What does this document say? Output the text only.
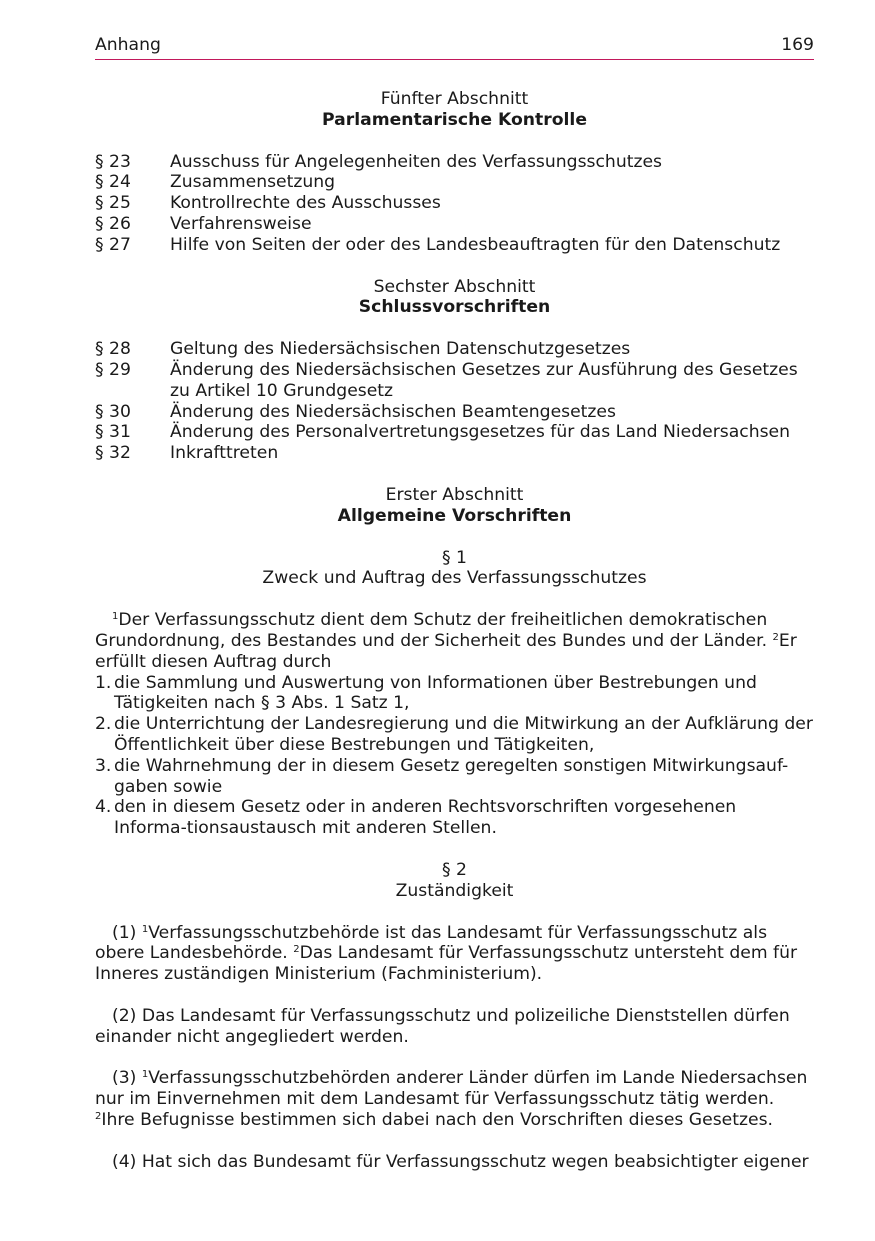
Anhang	169
Fünfter Abschnitt
Parlamentarische Kontrolle
§ 23	Ausschuss für Angelegenheiten des Verfassungsschutzes
§ 24	Zusammensetzung
§ 25	Kontrollrechte des Ausschusses
§ 26	Verfahrensweise
§ 27	Hilfe von Seiten der oder des Landesbeauftragten für den Datenschutz
Sechster Abschnitt
Schlussvorschriften
§ 28	Geltung des Niedersächsischen Datenschutzgesetzes
§ 29	Änderung des Niedersächsischen Gesetzes zur Ausführung des Gesetzes zu Artikel 10 Grundgesetz
§ 30	Änderung des Niedersächsischen Beamtengesetzes
§ 31	Änderung des Personalvertretungsgesetzes für das Land Niedersachsen
§ 32	Inkrafttreten
Erster Abschnitt
Allgemeine Vorschriften
§ 1
Zweck und Auftrag des Verfassungsschutzes
$^1$Der Verfassungsschutz dient dem Schutz der freiheitlichen demokratischen Grundordnung, des Bestandes und der Sicherheit des Bundes und der Länder. $^2$Er erfüllt diesen Auftrag durch
1. die Sammlung und Auswertung von Informationen über Bestrebungen und Tätigkeiten nach § 3 Abs. 1 Satz 1,
2. die Unterrichtung der Landesregierung und die Mitwirkung an der Aufklärung der Öffentlichkeit über diese Bestrebungen und Tätigkeiten,
3. die Wahrnehmung der in diesem Gesetz geregelten sonstigen Mitwirkungsauf-gaben sowie
4. den in diesem Gesetz oder in anderen Rechtsvorschriften vorgesehenen Informa-tionsaustausch mit anderen Stellen.
§ 2
Zuständigkeit
(1) $^1$Verfassungsschutzbehörde ist das Landesamt für Verfassungsschutz als obere Landesbehörde. $^2$Das Landesamt für Verfassungsschutz untersteht dem für Inneres zuständigen Ministerium (Fachministerium).
(2) Das Landesamt für Verfassungsschutz und polizeiliche Dienststellen dürfen einander nicht angegliedert werden.
(3) $^1$Verfassungsschutzbehörden anderer Länder dürfen im Lande Niedersachsen nur im Einvernehmen mit dem Landesamt für Verfassungsschutz tätig werden. $^2$Ihre Befugnisse bestimmen sich dabei nach den Vorschriften dieses Gesetzes.
(4) Hat sich das Bundesamt für Verfassungsschutz wegen beabsichtigter eigener
